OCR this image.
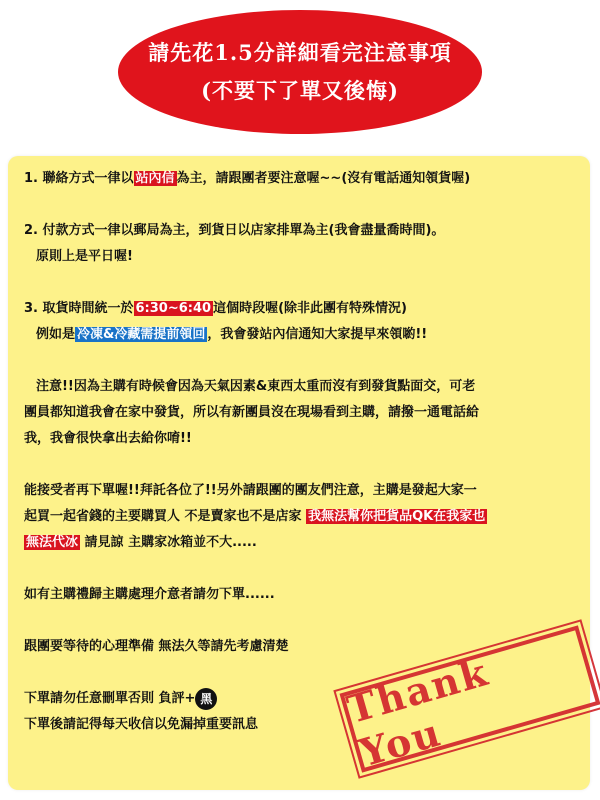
請先花1.5分詳細看完注意事項
(不要下了單又後悔)
1. 聯絡方式一律以 站內信 為主，請跟團者要注意喔~~(沒有電話通知領貨喔)
2. 付款方式一律以郵局為主，到貨日以店家排單為主(我會盡量喬時間)。
原則上是平日喔!
3. 取貨時間統一於 6:30~6:40 這個時段喔(除非此團有特殊情況)
例如是 冷凍&冷藏需提前領回 ，我會發站內信通知大家提早來領喲!!
注意!!因為主購有時候會因為天氣因素&東西太重而沒有到發貨點面交，可老
團員都知道我會在家中發貨，所以有新團員沒在現場看到主購，請撥一通電話給
我，我會很快拿出去給你唷!!
能接受者再下單喔!!拜託各位了!!另外請跟團的團友們注意，主購是發起大家一
起買一起省錢的主要購買人 不是賣家也不是店家 我無法幫你把貨品QK在我家也
無法代冰 請見諒 主購家冰箱並不大.....
如有主購禮歸主購處理介意者請勿下單......
跟團要等待的心理準備 無法久等請先考慮清楚
下單請勿任意刪單否則 負評+ 黑
下單後請記得每天收信以免漏掉重要訊息	Thank You
